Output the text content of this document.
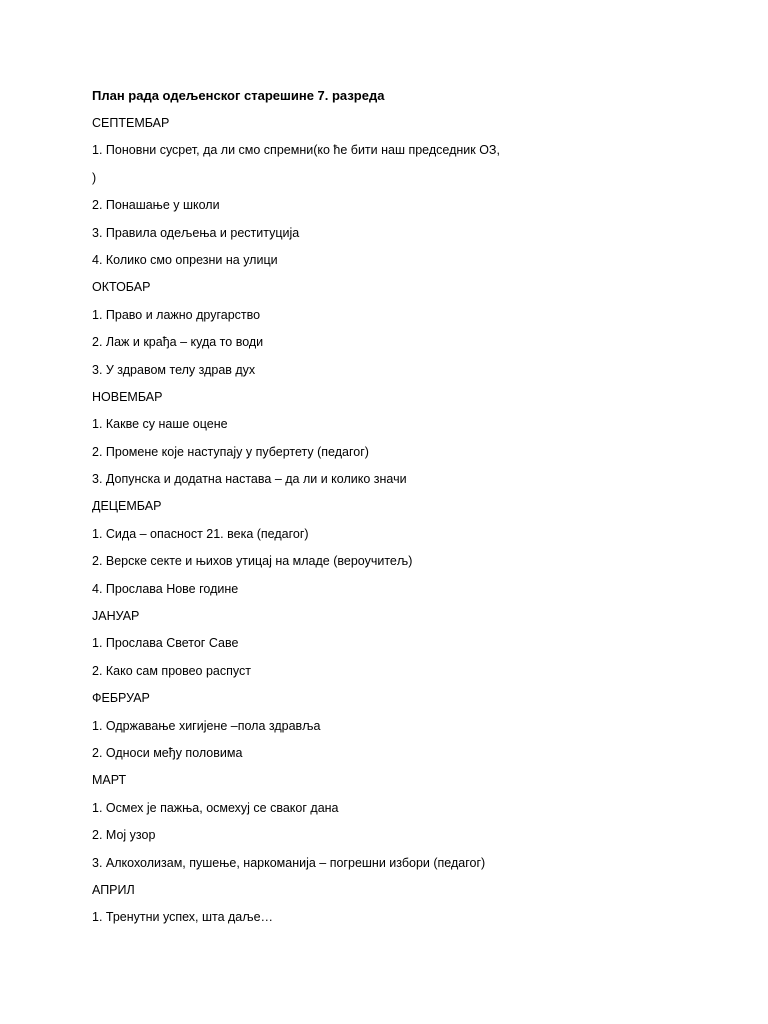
План рада одељенског старешине 7. разреда
СЕПТЕМБАР
1. Поновни сусрет, да ли смо спремни(ко ће бити наш председник ОЗ,
)
2. Понашање у школи
3. Правила одељења и реституција
4. Колико смо опрезни на улици
ОКТОБАР
1. Право и лажно другарство
2. Лаж и крађа – куда то води
3. У здравом телу здрав дух
НОВЕМБАР
1. Какве су наше оцене
2. Промене које наступају у пубертету (педагог)
3. Допунска и додатна настава – да ли и колико значи
ДЕЦЕМБАР
1. Сида – опасност 21. века (педагог)
2. Верске секте и њихов утицај на младе (вероучитељ)
4. Прослава Нове године
ЈАНУАР
1. Прослава Светог Саве
2. Како сам провео распуст
ФЕБРУАР
1. Одржавање хигијене –пола здравља
2. Односи међу половима
МАРТ
1. Осмех је пажња, осмехуј се сваког дана
2. Мој узор
3. Алкохолизам, пушење, наркоманија – погрешни избори (педагог)
АПРИЛ
1. Тренутни успех, шта даље…
